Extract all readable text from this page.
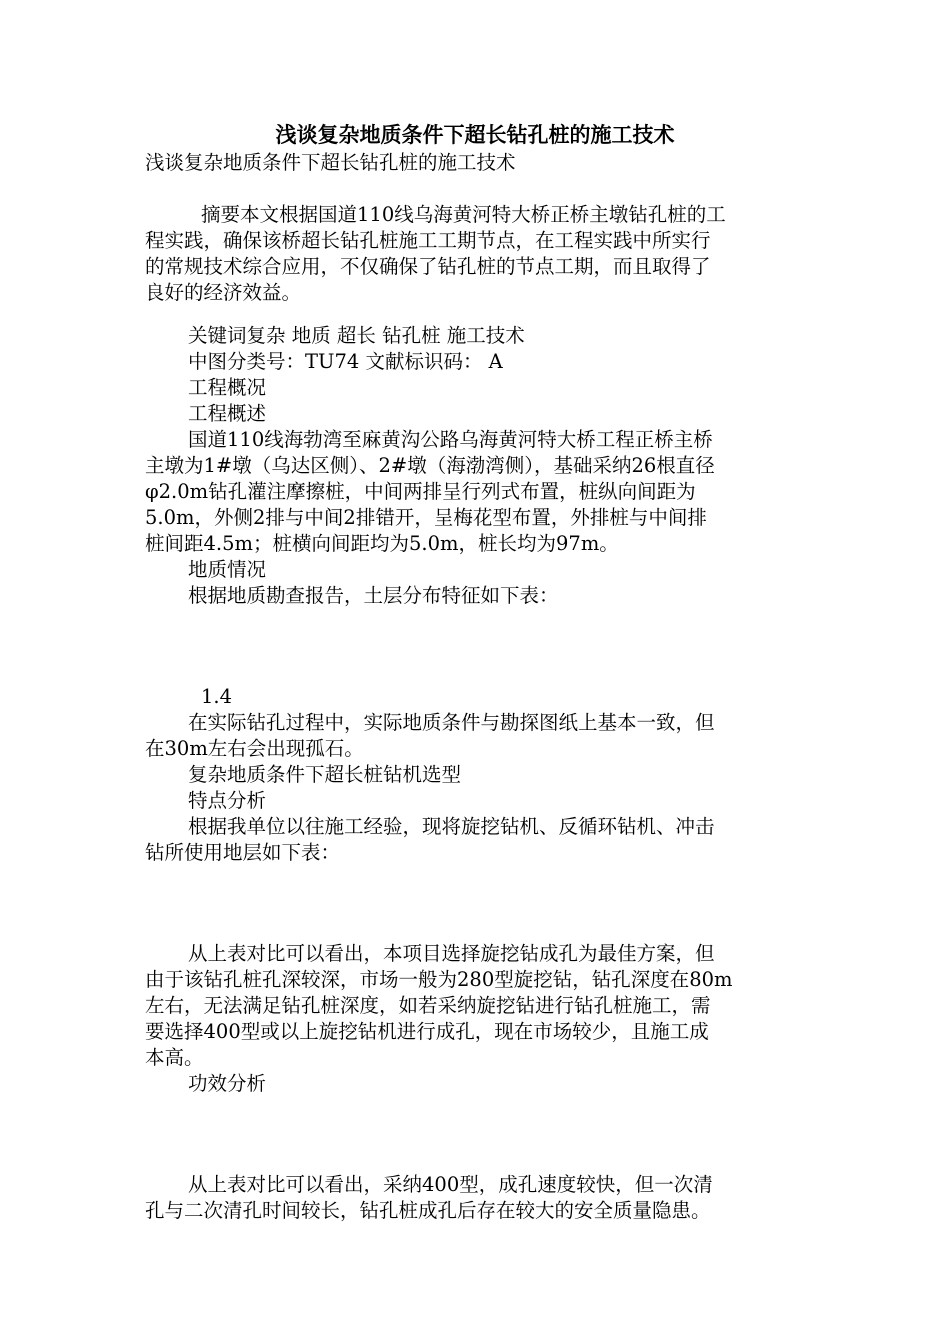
浅谈复杂地质条件下超长钻孔桩的施工技术
浅谈复杂地质条件下超长钻孔桩的施工技术
摘要本文根据国道110线乌海黄河特大桥正桥主墩钻孔桩的工
程实践，确保该桥超长钻孔桩施工工期节点，在工程实践中所实行
的常规技术综合应用，不仅确保了钻孔桩的节点工期，而且取得了
良好的经济效益。
关键词复杂 地质 超长 钻孔桩 施工技术
中图分类号：TU74 文献标识码： A
工程概况
工程概述
国道110线海勃湾至麻黄沟公路乌海黄河特大桥工程正桥主桥
主墩为1#墩（乌达区侧）、2#墩（海渤湾侧），基础采纳26根直径
φ2.0m钻孔灌注摩擦桩，中间两排呈行列式布置，桩纵向间距为
5.0m，外侧2排与中间2排错开，呈梅花型布置，外排桩与中间排
桩间距4.5m；桩横向间距均为5.0m，桩长均为97m。
地质情况
根据地质勘查报告，土层分布特征如下表：
1.4
在实际钻孔过程中，实际地质条件与勘探图纸上基本一致，但
在30m左右会出现孤石。
复杂地质条件下超长桩钻机选型
特点分析
根据我单位以往施工经验，现将旋挖钻机、反循环钻机、冲击
钻所使用地层如下表：
从上表对比可以看出，本项目选择旋挖钻成孔为最佳方案，但
由于该钻孔桩孔深较深，市场一般为280型旋挖钻，钻孔深度在80m
左右，无法满足钻孔桩深度，如若采纳旋挖钻进行钻孔桩施工，需
要选择400型或以上旋挖钻机进行成孔，现在市场较少，且施工成
本高。
功效分析
从上表对比可以看出，采纳400型，成孔速度较快，但一次清
孔与二次清孔时间较长，钻孔桩成孔后存在较大的安全质量隐患。
